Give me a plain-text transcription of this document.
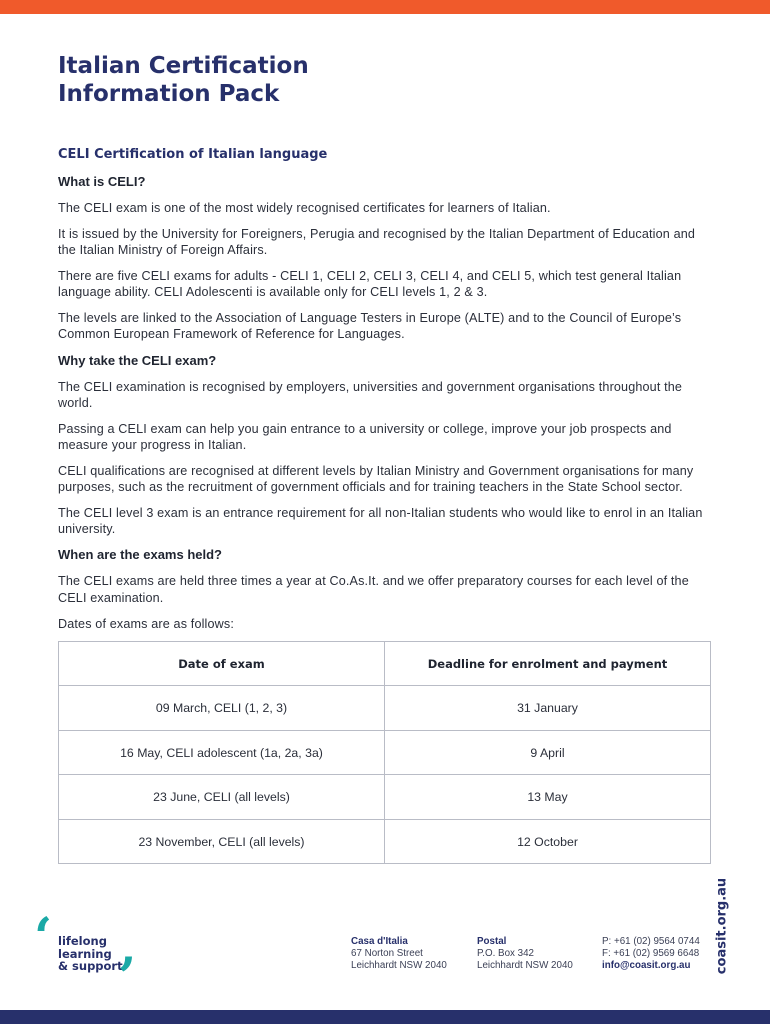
Italian Certification
Information Pack
CELI Certification of Italian language
What is CELI?

The CELI exam is one of the most widely recognised certificates for learners of Italian.

It is issued by the University for Foreigners, Perugia and recognised by the Italian Department of Education and the Italian Ministry of Foreign Affairs.

There are five CELI exams for adults - CELI 1, CELI 2, CELI 3, CELI 4, and CELI 5, which test general Italian language ability. CELI Adolescenti is available only for CELI levels 1, 2 & 3.

The levels are linked to the Association of Language Testers in Europe (ALTE) and to the Council of Europe’s Common European Framework of Reference for Languages.

Why take the CELI exam?

The CELI examination is recognised by employers, universities and government organisations throughout the world.

Passing a CELI exam can help you gain entrance to a university or college, improve your job prospects and measure your progress in Italian.

CELI qualifications are recognised at different levels by Italian Ministry and Government organisations for many purposes, such as the recruitment of government officials and for training teachers in the State School sector.

The CELI level 3 exam is an entrance requirement for all non-Italian students who would like to enrol in an Italian university.

When are the exams held?

The CELI exams are held three times a year at Co.As.It. and we offer preparatory courses for each level of the CELI examination.

Dates of exams are as follows:

Date of exam	Deadline for enrolment and payment
09 March, CELI (1, 2, 3)	31 January
16 May, CELI adolescent (1a, 2a, 3a)	9 April
23 June, CELI (all levels)	13 May
23 November, CELI (all levels)	12 October
coasit.org.au
‘ lifelong
learning
& support
’
Casa d'Italia
67 Norton Street
Leichhardt NSW 2040
Postal
P.O. Box 342
Leichhardt NSW 2040
P: +61 (02) 9564 0744
F: +61 (02) 9569 6648
info@coasit.org.au
